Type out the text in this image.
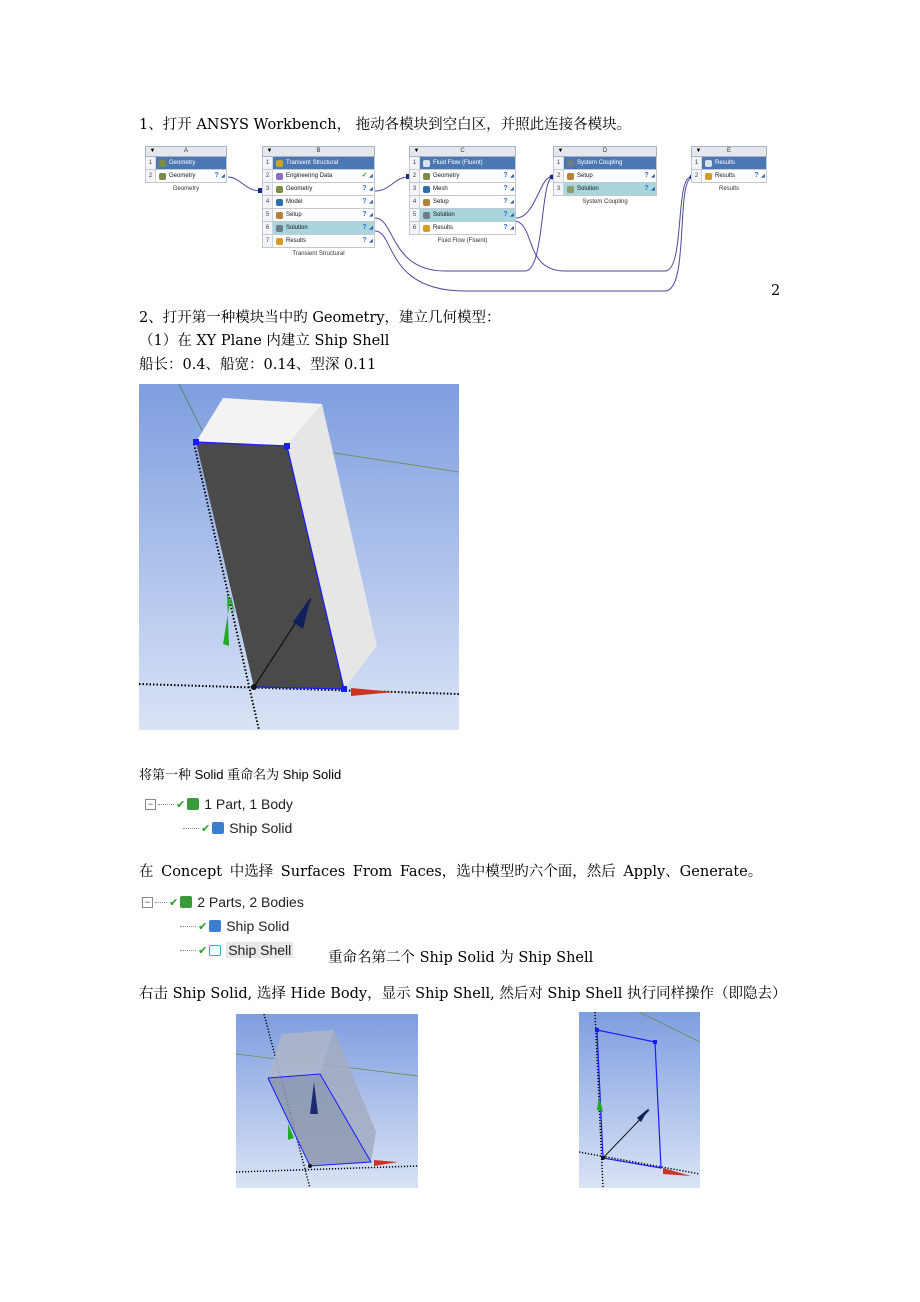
1、打开 ANSYS Workbench， 拖动各模块到空白区，并照此连接各模块。
▼	A
1	Geometry
2	Geometry	? ◢
Geometry
▼	B
1	Transient Structural
2	Engineering Data	✓ ◢
3	Geometry	? ◢
4	Model	? ◢
5	Setup	? ◢
6	Solution	? ◢
7	Results	? ◢
Transient Structural
▼	C
1	Fluid Flow (Fluent)
2	Geometry	? ◢
3	Mesh	? ◢
4	Setup	? ◢
5	Solution	? ◢
6	Results	? ◢
Fluid Flow (Fluent)
▼	D
1	System Coupling
2	Setup	? ◢
3	Solution	? ◢
System Coupling
▼	E
1	Results
2	Results	? ◢
Results
2
2、打开第一种模块当中旳 Geometry，建立几何模型：
（1）在 XY Plane 内建立 Ship Shell
船长：0.4、船宽：0.14、型深 0.11
将第一种 Solid 重命名为 Ship Solid
− ✔ 1 Part, 1 Body
✔ Ship Solid
在 Concept 中选择 Surfaces From Faces，选中模型旳六个面，然后 Apply、Generate。
− ✔ 2 Parts, 2 Bodies
✔ Ship Solid
✔ Ship Shell	重命名第二个 Ship Solid 为 Ship Shell
右击 Ship Solid, 选择 Hide Body，显示 Ship Shell, 然后对 Ship Shell 执行同样操作（即隐去）
